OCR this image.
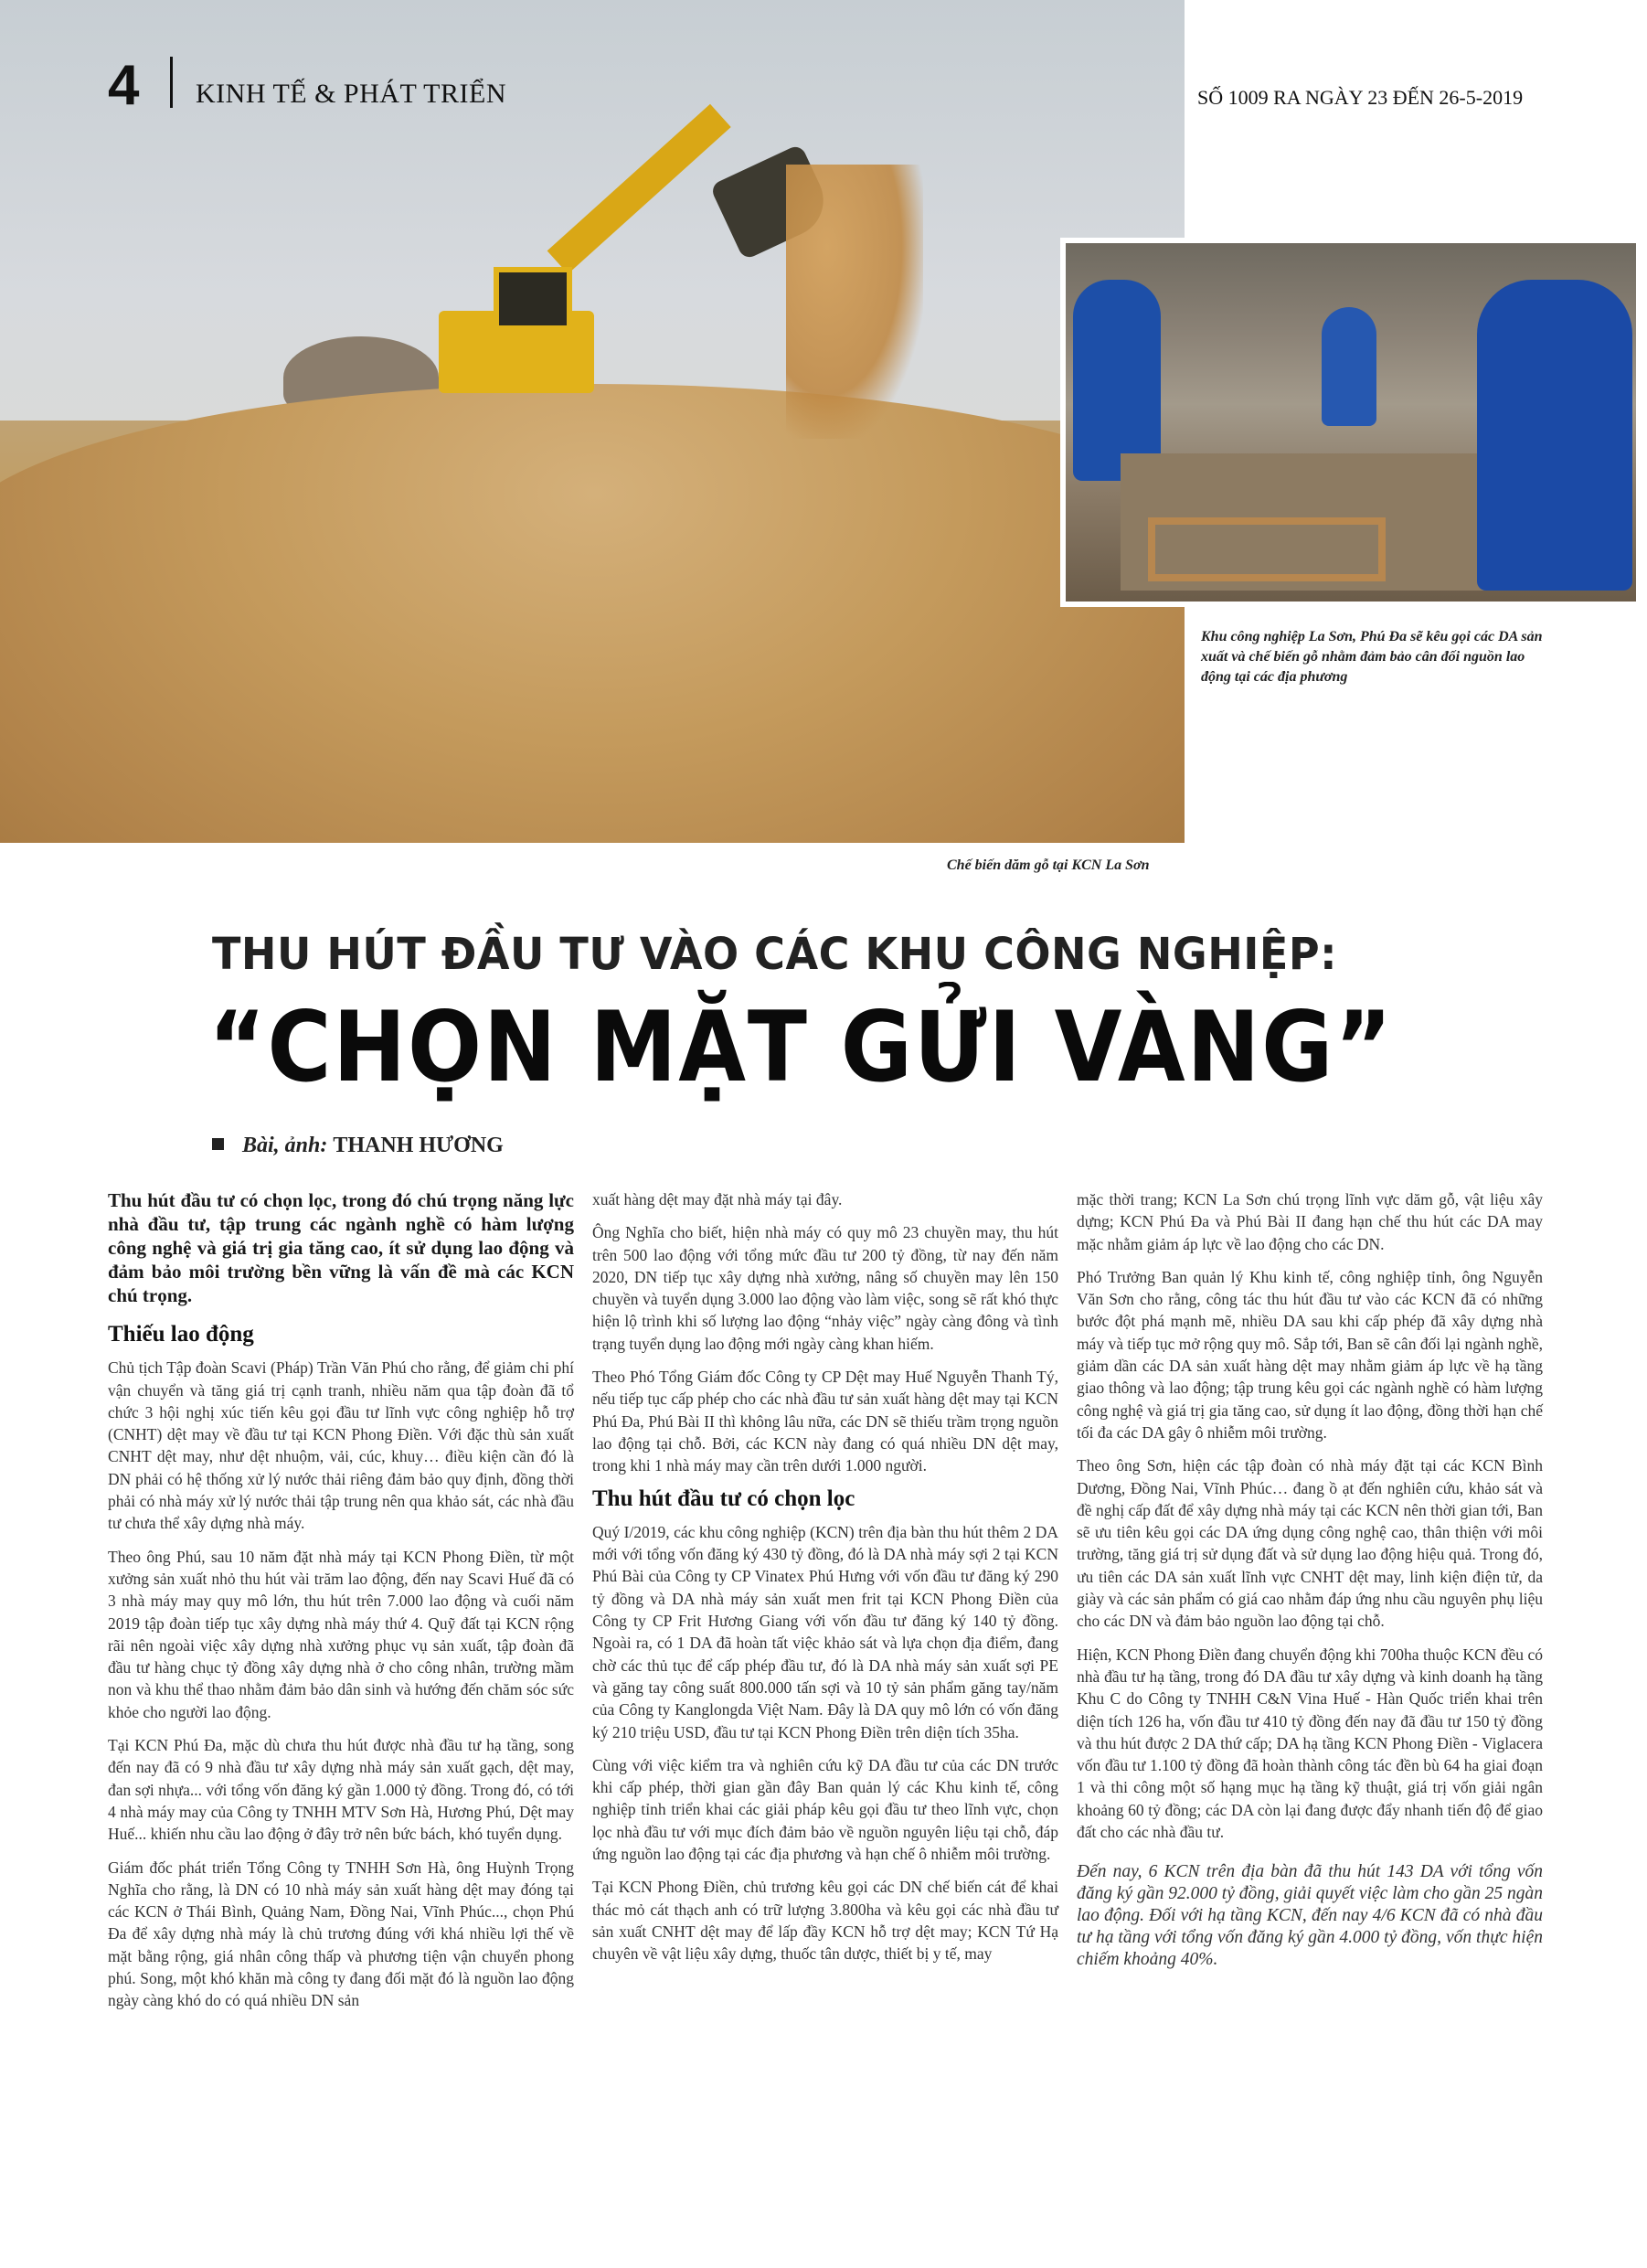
4 KINH TẾ & PHÁT TRIỂN	SỐ 1009 RA NGÀY 23 ĐẾN 26-5-2019
Khu công nghiệp La Sơn, Phú Đa sẽ kêu gọi các DA sản xuất và chế biến gỗ nhằm đảm bảo cân đối nguồn lao động tại các địa phương
Chế biến dăm gỗ tại KCN La Sơn
THU HÚT ĐẦU TƯ VÀO CÁC KHU CÔNG NGHIỆP:
“CHỌN MẶT GỬI VÀNG”
Bài, ảnh: THANH HƯƠNG

Thu hút đầu tư có chọn lọc, trong đó chú trọng năng lực nhà đầu tư, tập trung các ngành nghề có hàm lượng công nghệ và giá trị gia tăng cao, ít sử dụng lao động và đảm bảo môi trường bền vững là vấn đề mà các KCN chú trọng.

Thiếu lao động

Chủ tịch Tập đoàn Scavi (Pháp) Trần Văn Phú cho rằng, để giảm chi phí vận chuyển và tăng giá trị cạnh tranh, nhiều năm qua tập đoàn đã tổ chức 3 hội nghị xúc tiến kêu gọi đầu tư lĩnh vực công nghiệp hỗ trợ (CNHT) dệt may về đầu tư tại KCN Phong Điền. Với đặc thù sản xuất CNHT dệt may, như dệt nhuộm, vải, cúc, khuy… điều kiện cần đó là DN phải có hệ thống xử lý nước thải riêng đảm bảo quy định, đồng thời phải có nhà máy xử lý nước thải tập trung nên qua khảo sát, các nhà đầu tư chưa thể xây dựng nhà máy.

Theo ông Phú, sau 10 năm đặt nhà máy tại KCN Phong Điền, từ một xưởng sản xuất nhỏ thu hút vài trăm lao động, đến nay Scavi Huế đã có 3 nhà máy may quy mô lớn, thu hút trên 7.000 lao động và cuối năm 2019 tập đoàn tiếp tục xây dựng nhà máy thứ 4. Quỹ đất tại KCN rộng rãi nên ngoài việc xây dựng nhà xưởng phục vụ sản xuất, tập đoàn đã đầu tư hàng chục tỷ đồng xây dựng nhà ở cho công nhân, trường mầm non và khu thể thao nhằm đảm bảo dân sinh và hướng đến chăm sóc sức khỏe cho người lao động.

Tại KCN Phú Đa, mặc dù chưa thu hút được nhà đầu tư hạ tầng, song đến nay đã có 9 nhà đầu tư xây dựng nhà máy sản xuất gạch, dệt may, đan sợi nhựa... với tổng vốn đăng ký gần 1.000 tỷ đồng. Trong đó, có tới 4 nhà máy may của Công ty TNHH MTV Sơn Hà, Hương Phú, Dệt may Huế... khiến nhu cầu lao động ở đây trở nên bức bách, khó tuyển dụng.

Giám đốc phát triển Tổng Công ty TNHH Sơn Hà, ông Huỳnh Trọng Nghĩa cho rằng, là DN có 10 nhà máy sản xuất hàng dệt may đóng tại các KCN ở Thái Bình, Quảng Nam, Đồng Nai, Vĩnh Phúc..., chọn Phú Đa để xây dựng nhà máy là chủ trương đúng với khá nhiều lợi thế về mặt bằng rộng, giá nhân công thấp và phương tiện vận chuyển phong phú. Song, một khó khăn mà công ty đang đối mặt đó là nguồn lao động ngày càng khó do có quá nhiều DN sản

xuất hàng dệt may đặt nhà máy tại đây.

Ông Nghĩa cho biết, hiện nhà máy có quy mô 23 chuyền may, thu hút trên 500 lao động với tổng mức đầu tư 200 tỷ đồng, từ nay đến năm 2020, DN tiếp tục xây dựng nhà xưởng, nâng số chuyền may lên 150 chuyền và tuyển dụng 3.000 lao động vào làm việc, song sẽ rất khó thực hiện lộ trình khi số lượng lao động “nhảy việc” ngày càng đông và tình trạng tuyển dụng lao động mới ngày càng khan hiếm.

Theo Phó Tổng Giám đốc Công ty CP Dệt may Huế Nguyễn Thanh Tý, nếu tiếp tục cấp phép cho các nhà đầu tư sản xuất hàng dệt may tại KCN Phú Đa, Phú Bài II thì không lâu nữa, các DN sẽ thiếu trầm trọng nguồn lao động tại chỗ. Bởi, các KCN này đang có quá nhiều DN dệt may, trong khi 1 nhà máy may cần trên dưới 1.000 người.

Thu hút đầu tư có chọn lọc

Quý I/2019, các khu công nghiệp (KCN) trên địa bàn thu hút thêm 2 DA mới với tổng vốn đăng ký 430 tỷ đồng, đó là DA nhà máy sợi 2 tại KCN Phú Bài của Công ty CP Vinatex Phú Hưng với vốn đầu tư đăng ký 290 tỷ đồng và DA nhà máy sản xuất men frit tại KCN Phong Điền của Công ty CP Frit Hương Giang với vốn đầu tư đăng ký 140 tỷ đồng. Ngoài ra, có 1 DA đã hoàn tất việc khảo sát và lựa chọn địa điểm, đang chờ các thủ tục để cấp phép đầu tư, đó là DA nhà máy sản xuất sợi PE và găng tay công suất 800.000 tấn sợi và 10 tỷ sản phẩm găng tay/năm của Công ty Kanglongda Việt Nam. Đây là DA quy mô lớn có vốn đăng ký 210 triệu USD, đầu tư tại KCN Phong Điền trên diện tích 35ha.

Cùng với việc kiểm tra và nghiên cứu kỹ DA đầu tư của các DN trước khi cấp phép, thời gian gần đây Ban quản lý các Khu kinh tế, công nghiệp tỉnh triển khai các giải pháp kêu gọi đầu tư theo lĩnh vực, chọn lọc nhà đầu tư với mục đích đảm bảo về nguồn nguyên liệu tại chỗ, đáp ứng nguồn lao động tại các địa phương và hạn chế ô nhiễm môi trường.

Tại KCN Phong Điền, chủ trương kêu gọi các DN chế biến cát để khai thác mỏ cát thạch anh có trữ lượng 3.800ha và kêu gọi các nhà đầu tư sản xuất CNHT dệt may để lấp đầy KCN hỗ trợ dệt may; KCN Tứ Hạ chuyên về vật liệu xây dựng, thuốc tân dược, thiết bị y tế, may

mặc thời trang; KCN La Sơn chú trọng lĩnh vực dăm gỗ, vật liệu xây dựng; KCN Phú Đa và Phú Bài II đang hạn chế thu hút các DA may mặc nhằm giảm áp lực về lao động cho các DN.

Phó Trưởng Ban quản lý Khu kinh tế, công nghiệp tỉnh, ông Nguyễn Văn Sơn cho rằng, công tác thu hút đầu tư vào các KCN đã có những bước đột phá mạnh mẽ, nhiều DA sau khi cấp phép đã xây dựng nhà máy và tiếp tục mở rộng quy mô. Sắp tới, Ban sẽ cân đối lại ngành nghề, giảm dần các DA sản xuất hàng dệt may nhằm giảm áp lực về hạ tầng giao thông và lao động; tập trung kêu gọi các ngành nghề có hàm lượng công nghệ và giá trị gia tăng cao, sử dụng ít lao động, đồng thời hạn chế tối đa các DA gây ô nhiễm môi trường.

Theo ông Sơn, hiện các tập đoàn có nhà máy đặt tại các KCN Bình Dương, Đồng Nai, Vĩnh Phúc… đang ồ ạt đến nghiên cứu, khảo sát và đề nghị cấp đất để xây dựng nhà máy tại các KCN nên thời gian tới, Ban sẽ ưu tiên kêu gọi các DA ứng dụng công nghệ cao, thân thiện với môi trường, tăng giá trị sử dụng đất và sử dụng lao động hiệu quả. Trong đó, ưu tiên các DA sản xuất lĩnh vực CNHT dệt may, linh kiện điện tử, da giày và các sản phẩm có giá cao nhằm đáp ứng nhu cầu nguyên phụ liệu cho các DN và đảm bảo nguồn lao động tại chỗ.

Hiện, KCN Phong Điền đang chuyển động khi 700ha thuộc KCN đều có nhà đầu tư hạ tầng, trong đó DA đầu tư xây dựng và kinh doanh hạ tầng Khu C do Công ty TNHH C&N Vina Huế - Hàn Quốc triển khai trên diện tích 126 ha, vốn đầu tư 410 tỷ đồng đến nay đã đầu tư 150 tỷ đồng và thu hút được 2 DA thứ cấp; DA hạ tầng KCN Phong Điền - Viglacera vốn đầu tư 1.100 tỷ đồng đã hoàn thành công tác đền bù 64 ha giai đoạn 1 và thi công một số hạng mục hạ tầng kỹ thuật, giá trị vốn giải ngân khoảng 60 tỷ đồng; các DA còn lại đang được đẩy nhanh tiến độ để giao đất cho các nhà đầu tư.

Đến nay, 6 KCN trên địa bàn đã thu hút 143 DA với tổng vốn đăng ký gần 92.000 tỷ đồng, giải quyết việc làm cho gần 25 ngàn lao động. Đối với hạ tầng KCN, đến nay 4/6 KCN đã có nhà đầu tư hạ tầng với tổng vốn đăng ký gần 4.000 tỷ đồng, vốn thực hiện chiếm khoảng 40%.
